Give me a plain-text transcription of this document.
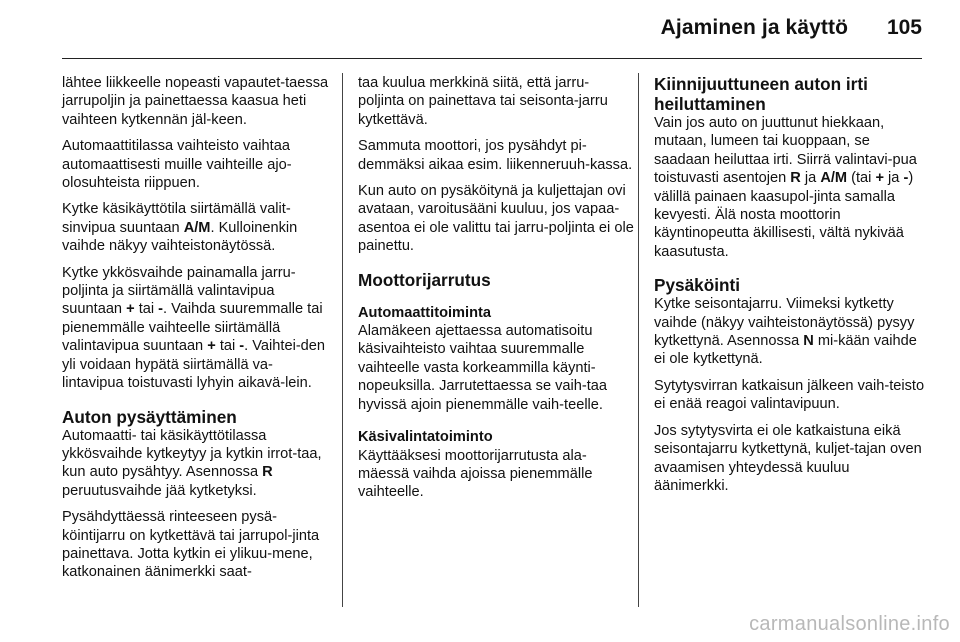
Ajaminen ja käyttö 105

lähtee liikkeelle nopeasti vapautet-taessa jarrupoljin ja painettaessa kaasua heti vaihteen kytkennän jäl-keen.

Automaattitilassa vaihteisto vaihtaa automaattisesti muille vaihteille ajo-olosuhteista riippuen.

Kytke käsikäyttötila siirtämällä valit-sinvipua suuntaan A/M. Kulloinenkin vaihde näkyy vaihteistonäytössä.

Kytke ykkösvaihde painamalla jarru-poljinta ja siirtämällä valintavipua suuntaan + tai -. Vaihda suuremmalle tai pienemmälle vaihteelle siirtämällä valintavipua suuntaan + tai -. Vaihtei-den yli voidaan hypätä siirtämällä va-lintavipua toistuvasti lyhyin aikavä-lein.

Auton pysäyttäminen

Automaatti- tai käsikäyttötilassa ykkösvaihde kytkeytyy ja kytkin irrot-taa, kun auto pysähtyy. Asennossa R peruutusvaihde jää kytketyksi.

Pysähdyttäessä rinteeseen pysä-köintijarru on kytkettävä tai jarrupol-jinta painettava. Jotta kytkin ei ylikuu-mene, katkonainen äänimerkki saat-

taa kuulua merkkinä siitä, että jarru-poljinta on painettava tai seisonta-jarru kytkettävä.

Sammuta moottori, jos pysähdyt pi-demmäksi aikaa esim. liikenneruuh-kassa.

Kun auto on pysäköitynä ja kuljettajan ovi avataan, varoitusääni kuuluu, jos vapaa-asentoa ei ole valittu tai jarru-poljinta ei ole painettu.

Moottorijarrutus
Automaattitoiminta

Alamäkeen ajettaessa automatisoitu käsivaihteisto vaihtaa suuremmalle vaihteelle vasta korkeammilla käynti-nopeuksilla. Jarrutettaessa se vaih-taa hyvissä ajoin pienemmälle vaih-teelle.

Käsivalintatoiminto

Käyttääksesi moottorijarrutusta ala-mäessä vaihda ajoissa pienemmälle vaihteelle.

Kiinnijuuttuneen auton irti heiluttaminen

Vain jos auto on juuttunut hiekkaan, mutaan, lumeen tai kuoppaan, se saadaan heiluttaa irti. Siirrä valintavi-pua toistuvasti asentojen R ja A/M (tai + ja -) välillä painaen kaasupol-jinta samalla kevyesti. Älä nosta moottorin käyntinopeutta äkillisesti, vältä nykivää kaasutusta.

Pysäköinti

Kytke seisontajarru. Viimeksi kytketty vaihde (näkyy vaihteistonäytössä) pysyy kytkettynä. Asennossa N mi-kään vaihde ei ole kytkettynä.

Sytytysvirran katkaisun jälkeen vaih-teisto ei enää reagoi valintavipuun.

Jos sytytysvirta ei ole katkaistuna eikä seisontajarru kytkettynä, kuljet-tajan oven avaamisen yhteydessä kuuluu äänimerkki.

carmanualsonline.info
